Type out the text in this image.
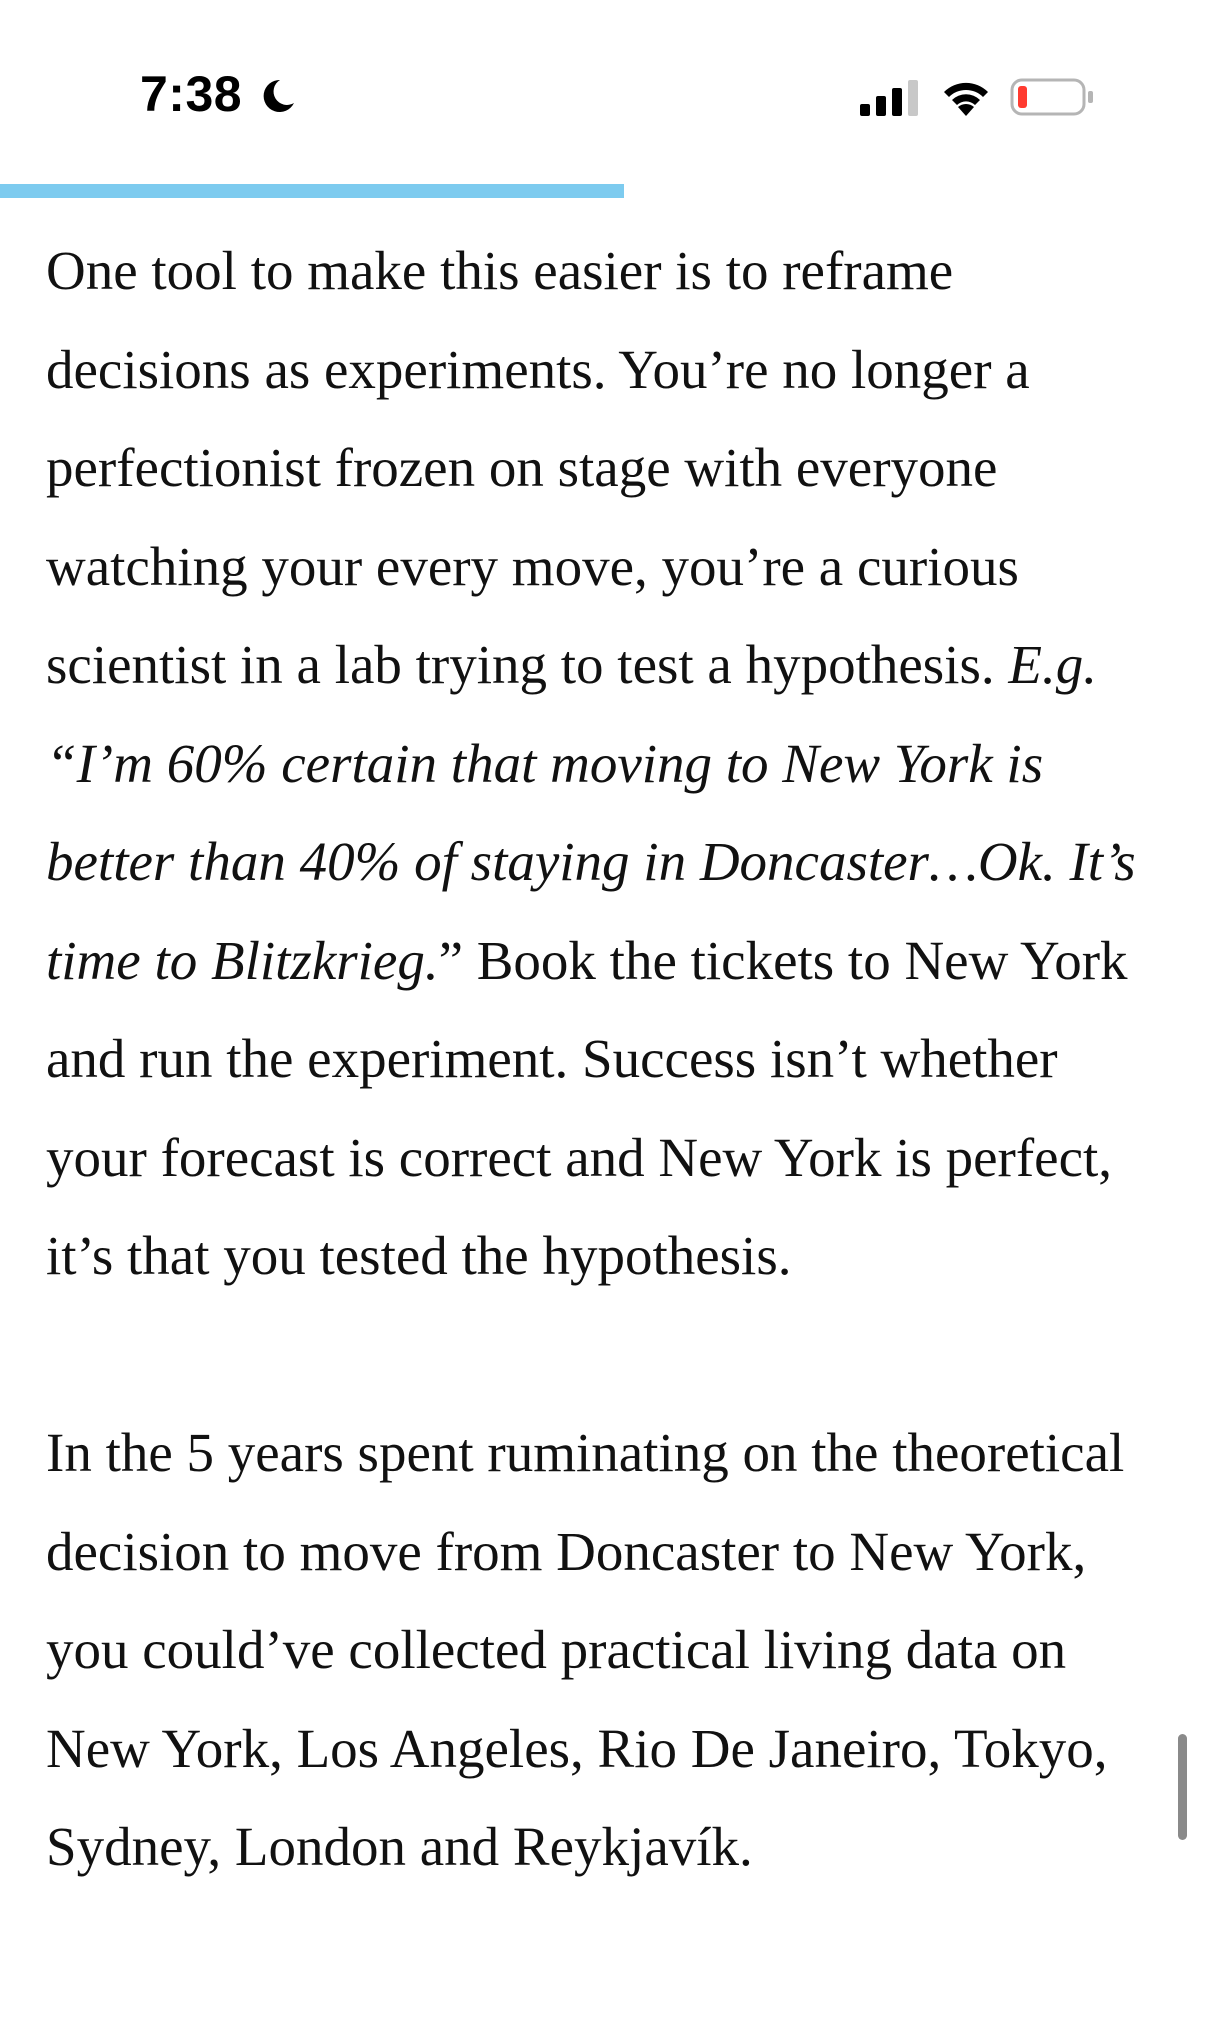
7:38

One tool to make this easier is to reframe decisions as experiments. You’re no longer a perfectionist frozen on stage with everyone watching your every move, you’re a curious scientist in a lab trying to test a hypothesis. E.g. “I’m 60% certain that moving to New York is better than 40% of staying in Doncaster…Ok. It’s time to Blitzkrieg.” Book the tickets to New York and run the experiment. Success isn’t whether your forecast is correct and New York is perfect, it’s that you tested the hypothesis.

In the 5 years spent ruminating on the theoretical decision to move from Doncaster to New York, you could’ve collected practical living data on New York, Los Angeles, Rio De Janeiro, Tokyo, Sydney, London and Reykjavík.
